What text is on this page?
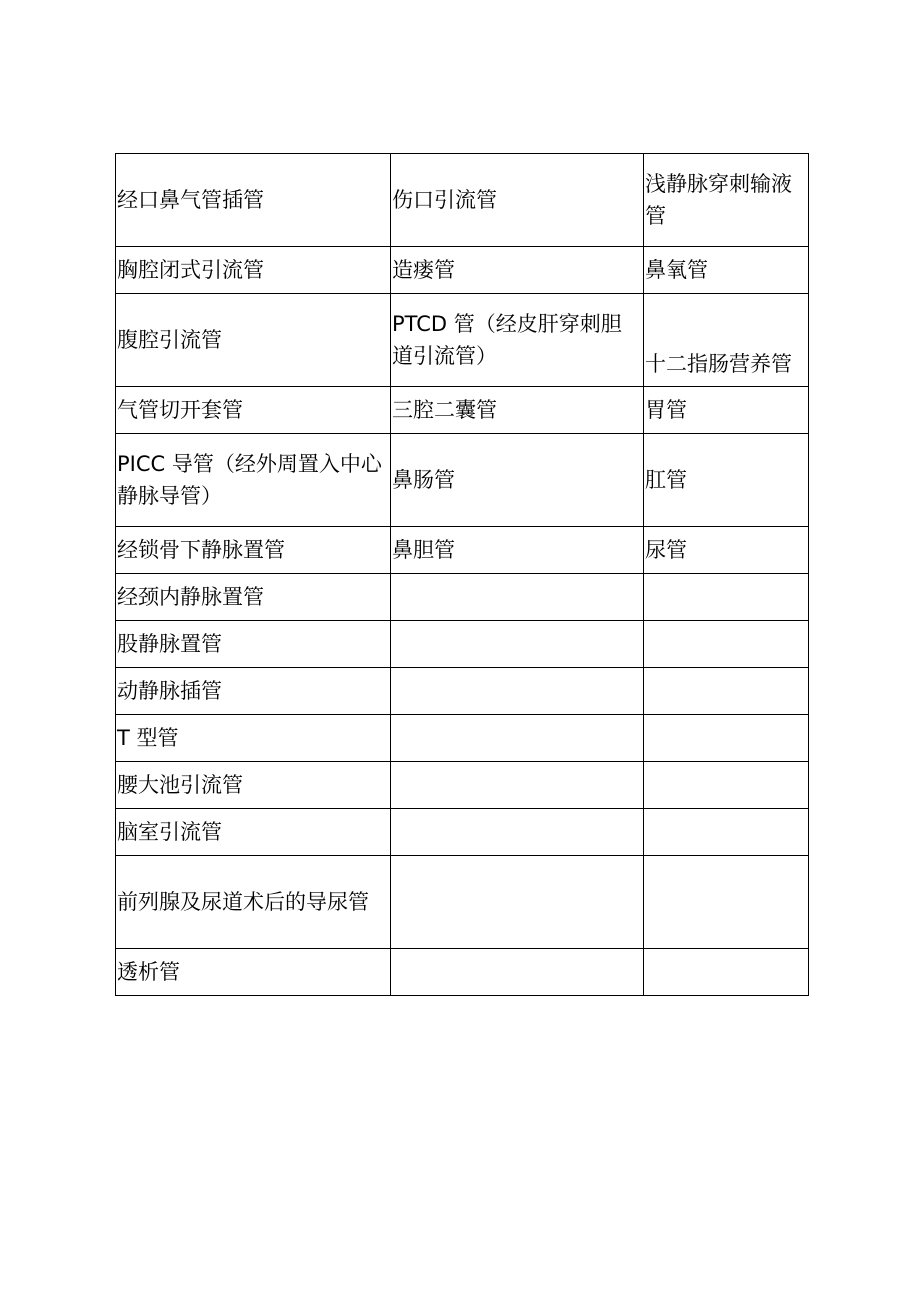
经口鼻气管插管	伤口引流管	浅静脉穿刺输液管
胸腔闭式引流管	造瘘管	鼻氧管
腹腔引流管	PTCD 管（经皮肝穿刺胆道引流管）	十二指肠营养管
气管切开套管	三腔二囊管	胃管
PICC 导管（经外周置入中心静脉导管）	鼻肠管	肛管
经锁骨下静脉置管	鼻胆管	尿管
经颈内静脉置管		
股静脉置管		
动静脉插管		
T 型管		
腰大池引流管		
脑室引流管		
前列腺及尿道术后的导尿管		
透析管		
